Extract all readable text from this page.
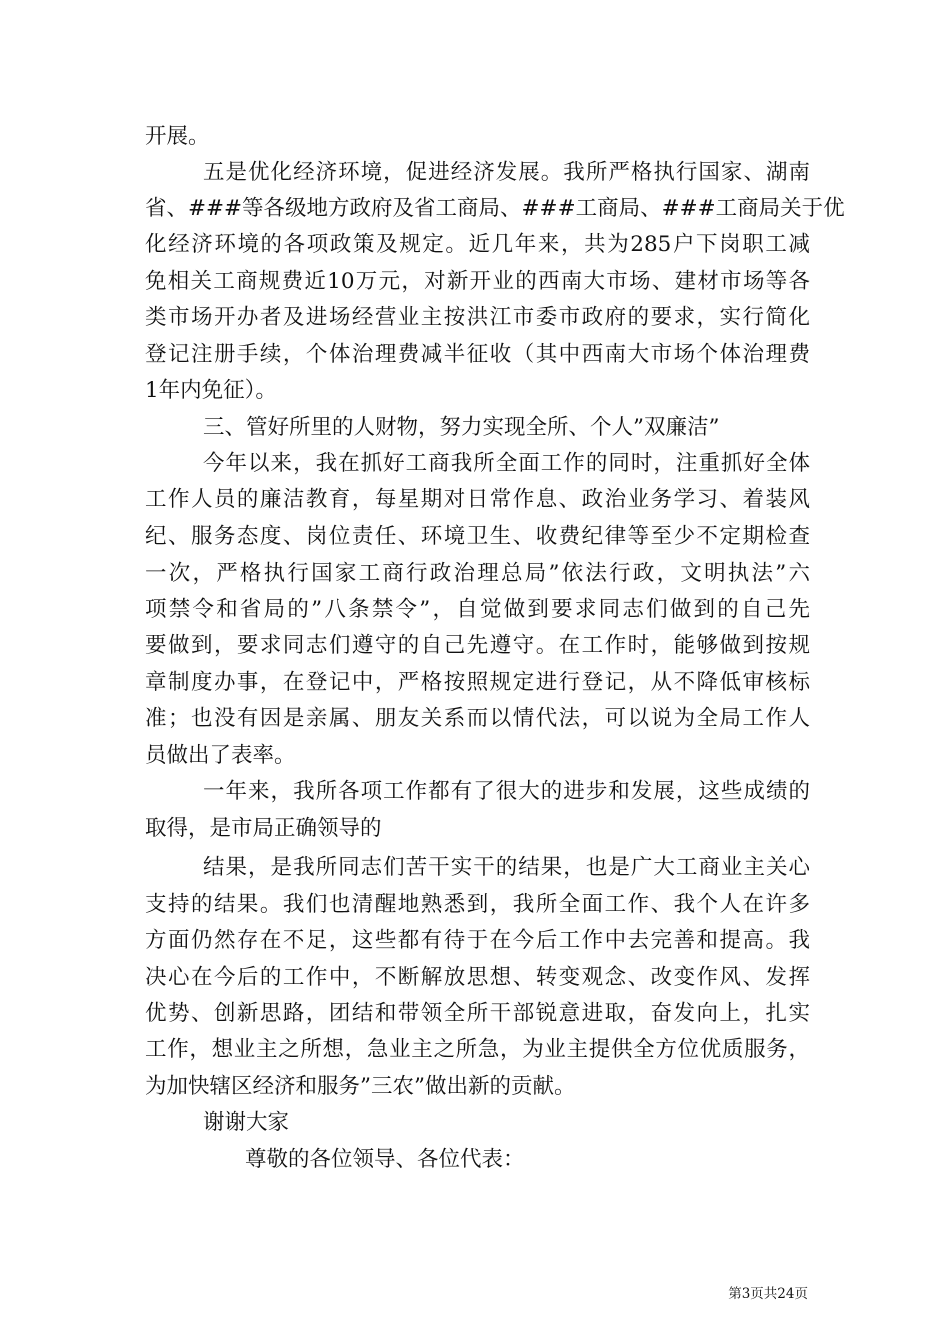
开展。
五是优化经济环境，促进经济发展。我所严格执行国家、湖南
省、###等各级地方政府及省工商局、###工商局、###工商局关于优
化经济环境的各项政策及规定。近几年来，共为285户下岗职工减
免相关工商规费近10万元，对新开业的西南大市场、建材市场等各
类市场开办者及进场经营业主按洪江市委市政府的要求，实行简化
登记注册手续，个体治理费减半征收（其中西南大市场个体治理费
1年内免征）。
三、管好所里的人财物，努力实现全所、个人”双廉洁”
今年以来，我在抓好工商我所全面工作的同时，注重抓好全体
工作人员的廉洁教育，每星期对日常作息、政治业务学习、着装风
纪、服务态度、岗位责任、环境卫生、收费纪律等至少不定期检查
一次，严格执行国家工商行政治理总局”依法行政，文明执法”六
项禁令和省局的”八条禁令”，自觉做到要求同志们做到的自己先
要做到，要求同志们遵守的自己先遵守。在工作时，能够做到按规
章制度办事，在登记中，严格按照规定进行登记，从不降低审核标
准；也没有因是亲属、朋友关系而以情代法，可以说为全局工作人
员做出了表率。
一年来，我所各项工作都有了很大的进步和发展，这些成绩的
取得，是市局正确领导的
结果，是我所同志们苦干实干的结果，也是广大工商业主关心
支持的结果。我们也清醒地熟悉到，我所全面工作、我个人在许多
方面仍然存在不足，这些都有待于在今后工作中去完善和提高。我
决心在今后的工作中，不断解放思想、转变观念、改变作风、发挥
优势、创新思路，团结和带领全所干部锐意进取，奋发向上，扎实
工作，想业主之所想，急业主之所急，为业主提供全方位优质服务，
为加快辖区经济和服务”三农”做出新的贡献。
谢谢大家
尊敬的各位领导、各位代表：
第3页共24页
